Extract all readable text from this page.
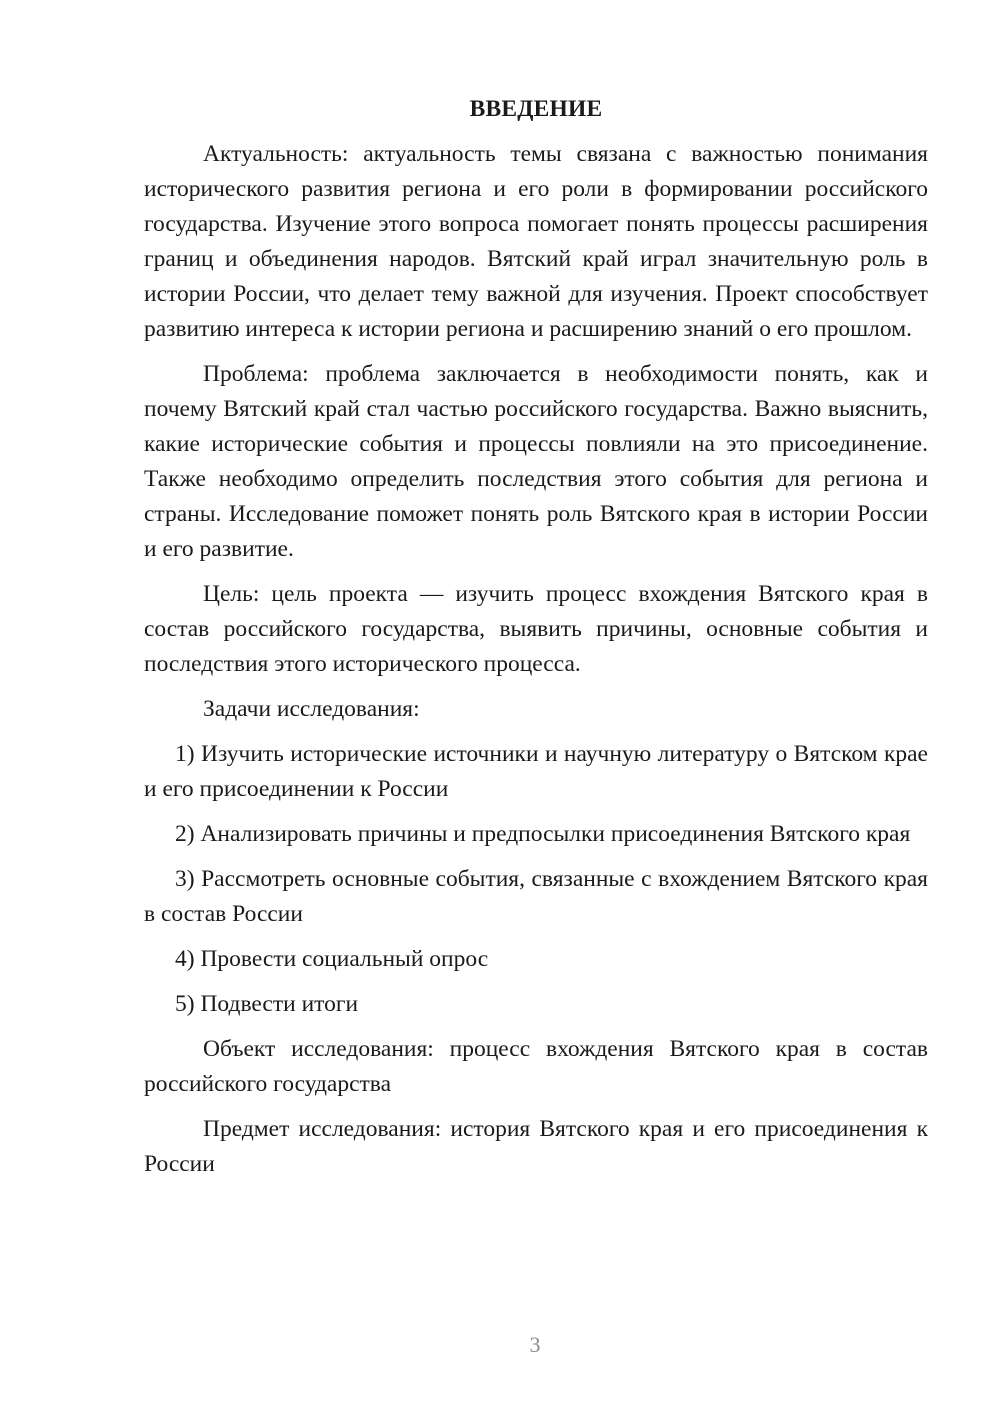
ВВЕДЕНИЕ

Актуальность: актуальность темы связана с важностью понимания исторического развития региона и его роли в формировании российского государства. Изучение этого вопроса помогает понять процессы расширения границ и объединения народов. Вятский край играл значительную роль в истории России, что делает тему важной для изучения. Проект способствует развитию интереса к истории региона и расширению знаний о его прошлом.

Проблема: проблема заключается в необходимости понять, как и почему Вятский край стал частью российского государства. Важно выяснить, какие исторические события и процессы повлияли на это присоединение. Также необходимо определить последствия этого события для региона и страны. Исследование поможет понять роль Вятского края в истории России и его развитие.

Цель: цель проекта — изучить процесс вхождения Вятского края в состав российского государства, выявить причины, основные события и последствия этого исторического процесса.

Задачи исследования:

1) Изучить исторические источники и научную литературу о Вятском крае и его присоединении к России

2) Анализировать причины и предпосылки присоединения Вятского края

3) Рассмотреть основные события, связанные с вхождением Вятского края в состав России

4) Провести социальный опрос

5) Подвести итоги

Объект исследования: процесс вхождения Вятского края в состав российского государства

Предмет исследования: история Вятского края и его присоединения к России

3
